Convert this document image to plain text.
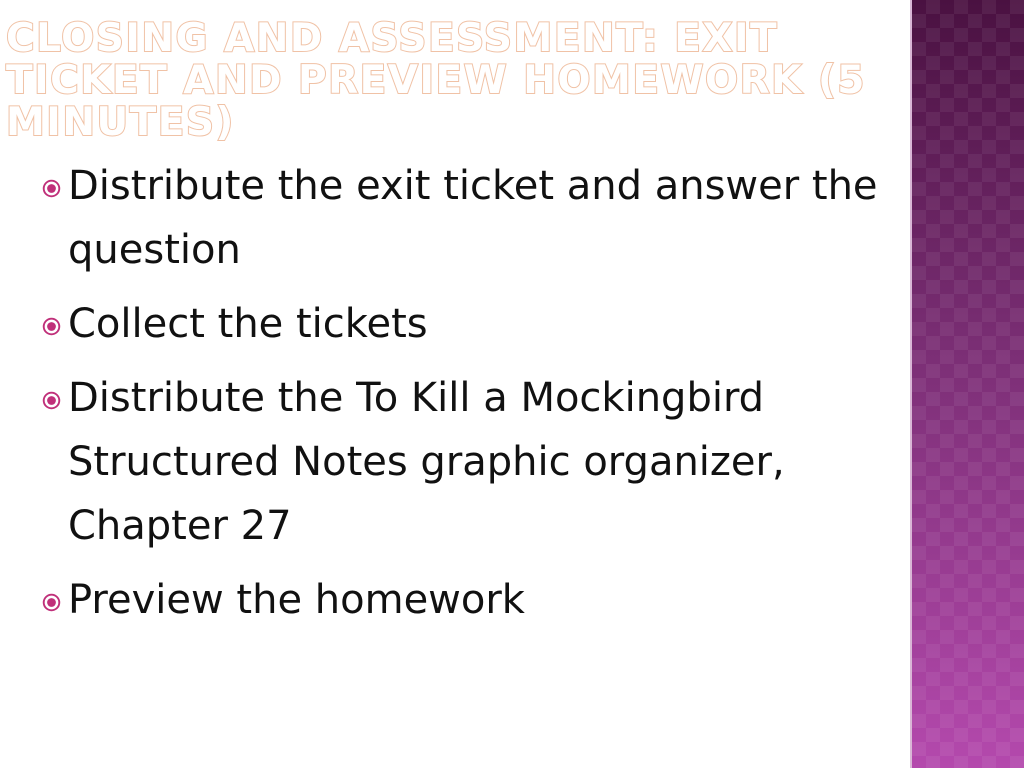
CLOSING AND ASSESSMENT: EXIT TICKET AND PREVIEW HOMEWORK (5 MINUTES)
Distribute the exit ticket and answer the question
Collect the tickets
Distribute the To Kill a Mockingbird Structured Notes graphic organizer, Chapter 27
Preview the homework
